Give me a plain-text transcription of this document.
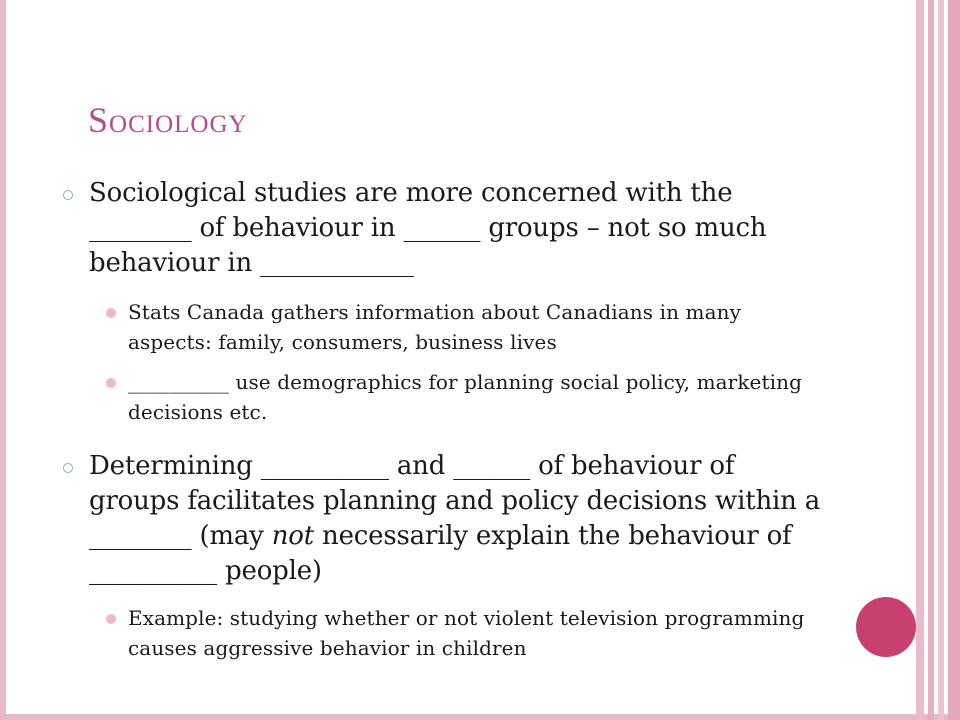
Sociology
Sociological studies are more concerned with the ________ of behaviour in ______ groups – not so much behaviour in ____________
Stats Canada gathers information about Canadians in many aspects: family, consumers, business lives
__________ use demographics for planning social policy, marketing decisions etc.
Determining __________ and ______ of behaviour of groups facilitates planning and policy decisions within a ________ (may not necessarily explain the behaviour of __________ people)
Example: studying whether or not violent television programming causes aggressive behavior in children
